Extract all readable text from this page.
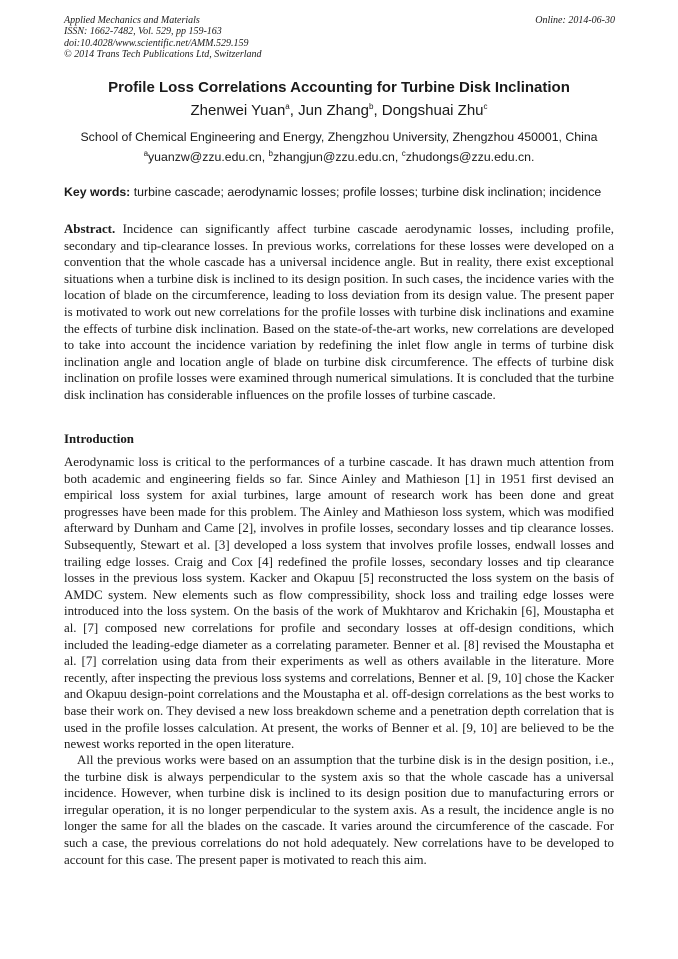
Applied Mechanics and Materials
ISSN: 1662-7482, Vol. 529, pp 159-163
doi:10.4028/www.scientific.net/AMM.529.159
© 2014 Trans Tech Publications Ltd, Switzerland
Online: 2014-06-30
Profile Loss Correlations Accounting for Turbine Disk Inclination
Zhenwei Yuan$^a$, Jun Zhang$^b$, Dongshuai Zhu$^c$
School of Chemical Engineering and Energy, Zhengzhou University, Zhengzhou 450001, China
$^a$yuanzw@zzu.edu.cn, $^b$zhangjun@zzu.edu.cn, $^c$zhudongs@zzu.edu.cn.
Key words: turbine cascade; aerodynamic losses; profile losses; turbine disk inclination; incidence

Abstract. Incidence can significantly affect turbine cascade aerodynamic losses, including profile, secondary and tip-clearance losses. In previous works, correlations for these losses were developed on a convention that the whole cascade has a universal incidence angle. But in reality, there exist exceptional situations when a turbine disk is inclined to its design position. In such cases, the incidence varies with the location of blade on the circumference, leading to loss deviation from its design value. The present paper is motivated to work out new correlations for the profile losses with turbine disk inclinations and examine the effects of turbine disk inclination. Based on the state-of-the-art works, new correlations are developed to take into account the incidence variation by redefining the inlet flow angle in terms of turbine disk inclination angle and location angle of blade on turbine disk circumference. The effects of turbine disk inclination on profile losses were examined through numerical simulations. It is concluded that the turbine disk inclination has considerable influences on the profile losses of turbine cascade.

Introduction

Aerodynamic loss is critical to the performances of a turbine cascade. It has drawn much attention from both academic and engineering fields so far. Since Ainley and Mathieson [1] in 1951 first devised an empirical loss system for axial turbines, large amount of research work has been done and great progresses have been made for this problem. The Ainley and Mathieson loss system, which was modified afterward by Dunham and Came [2], involves in profile losses, secondary losses and tip clearance losses. Subsequently, Stewart et al. [3] developed a loss system that involves profile losses, endwall losses and trailing edge losses. Craig and Cox [4] redefined the profile losses, secondary losses and tip clearance losses in the previous loss system. Kacker and Okapuu [5] reconstructed the loss system on the basis of AMDC system. New elements such as flow compressibility, shock loss and trailing edge losses were introduced into the loss system. On the basis of the work of Mukhtarov and Krichakin [6], Moustapha et al. [7] composed new correlations for profile and secondary losses at off-design conditions, which included the leading-edge diameter as a correlating parameter. Benner et al. [8] revised the Moustapha et al. [7] correlation using data from their experiments as well as others available in the literature. More recently, after inspecting the previous loss systems and correlations, Benner et al. [9, 10] chose the Kacker and Okapuu design-point correlations and the Moustapha et al. off-design correlations as the best works to base their work on. They devised a new loss breakdown scheme and a penetration depth correlation that is used in the profile losses calculation. At present, the works of Benner et al. [9, 10] are believed to be the newest works reported in the open literature.

All the previous works were based on an assumption that the turbine disk is in the design position, i.e., the turbine disk is always perpendicular to the system axis so that the whole cascade has a universal incidence. However, when turbine disk is inclined to its design position due to manufacturing errors or irregular operation, it is no longer perpendicular to the system axis. As a result, the incidence angle is no longer the same for all the blades on the cascade. It varies around the circumference of the cascade. For such a case, the previous correlations do not hold adequately. New correlations have to be developed to account for this case. The present paper is motivated to reach this aim.
